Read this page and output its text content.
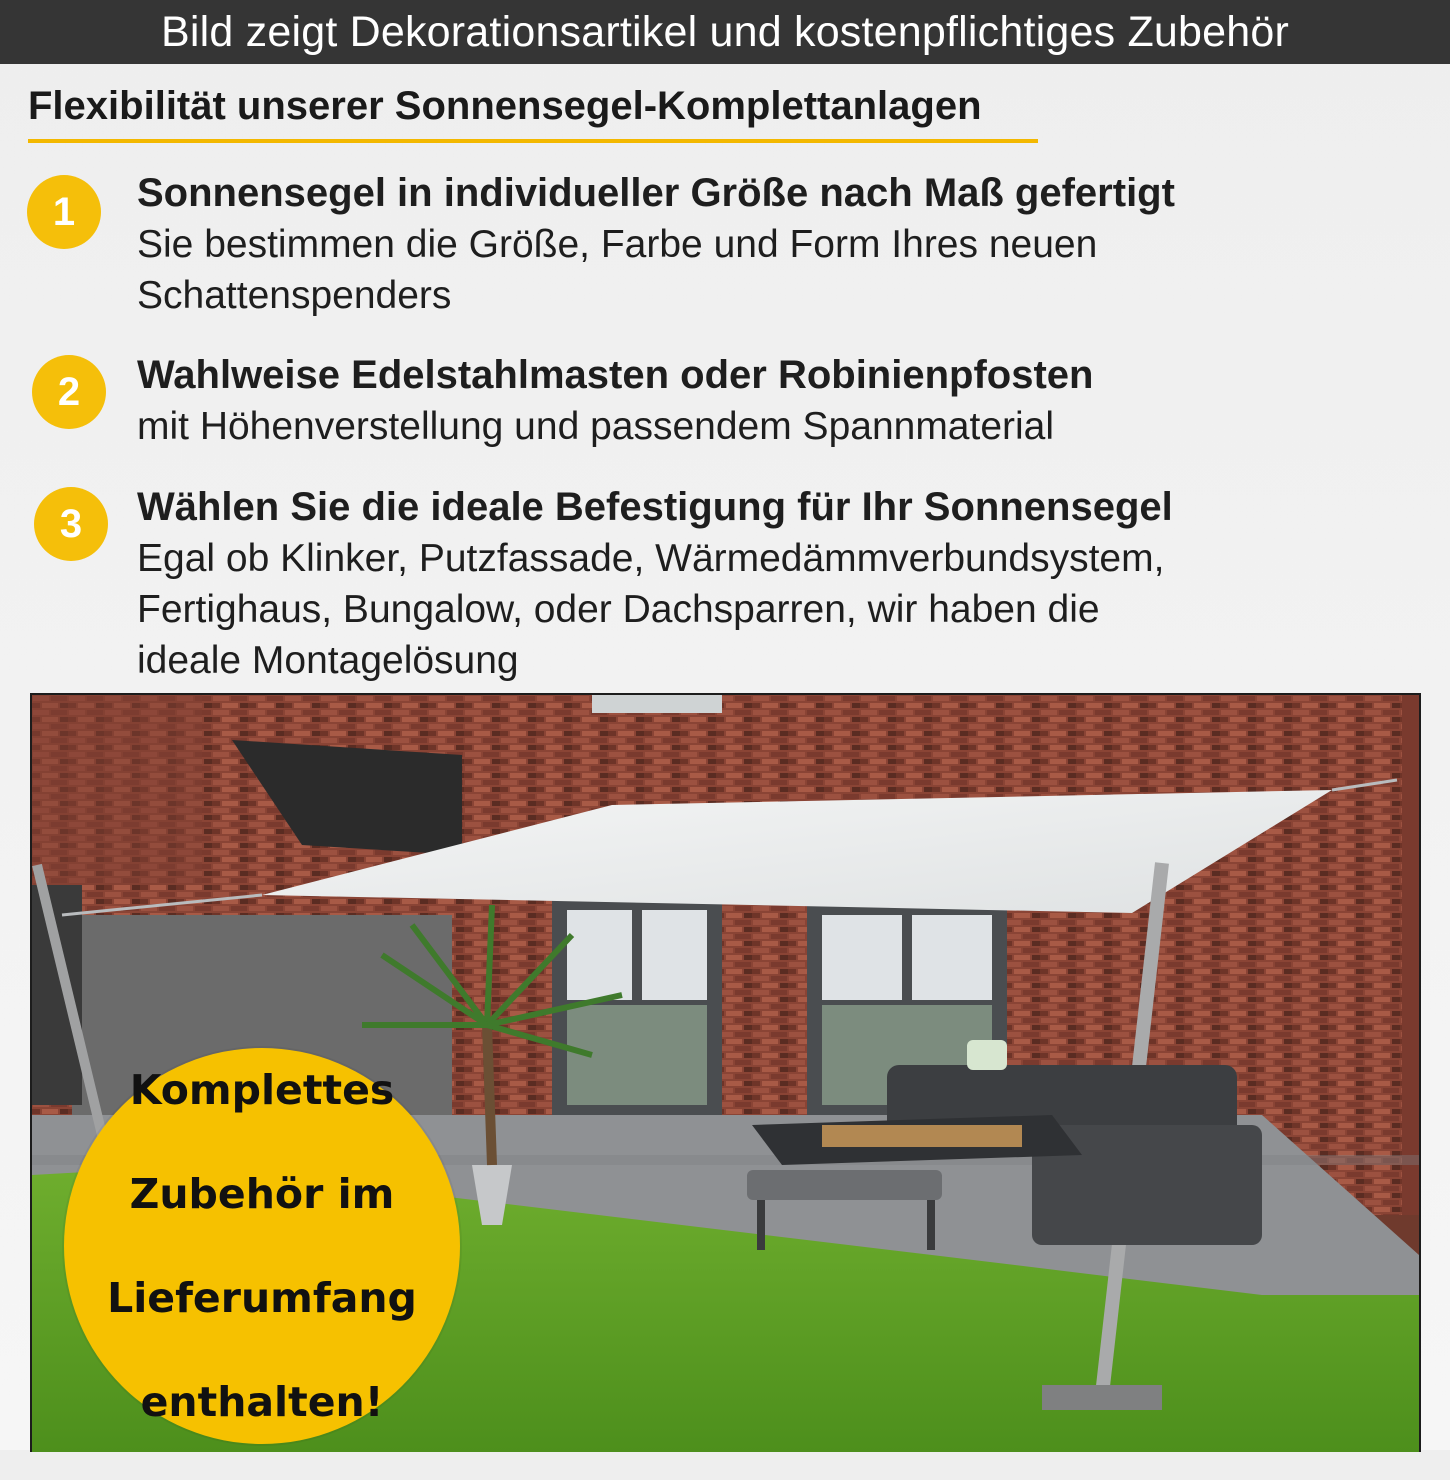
Bild zeigt Dekorationsartikel und kostenpflichtiges Zubehör
Flexibilität unserer Sonnensegel-Komplettanlagen
1	Sonnensegel in individueller Größe nach Maß gefertigt
Sie bestimmen die Größe, Farbe und Form Ihres neuen
Schattenspenders
2	Wahlweise Edelstahlmasten oder Robinienpfosten
mit Höhenverstellung und passendem Spannmaterial
3	Wählen Sie die ideale Befestigung für Ihr Sonnensegel
Egal ob Klinker, Putzfassade, Wärmedämmverbundsystem,
Fertighaus, Bungalow, oder Dachsparren, wir haben die
ideale Montagelösung

Komplettes

Zubehör im

Lieferumfang

enthalten!
